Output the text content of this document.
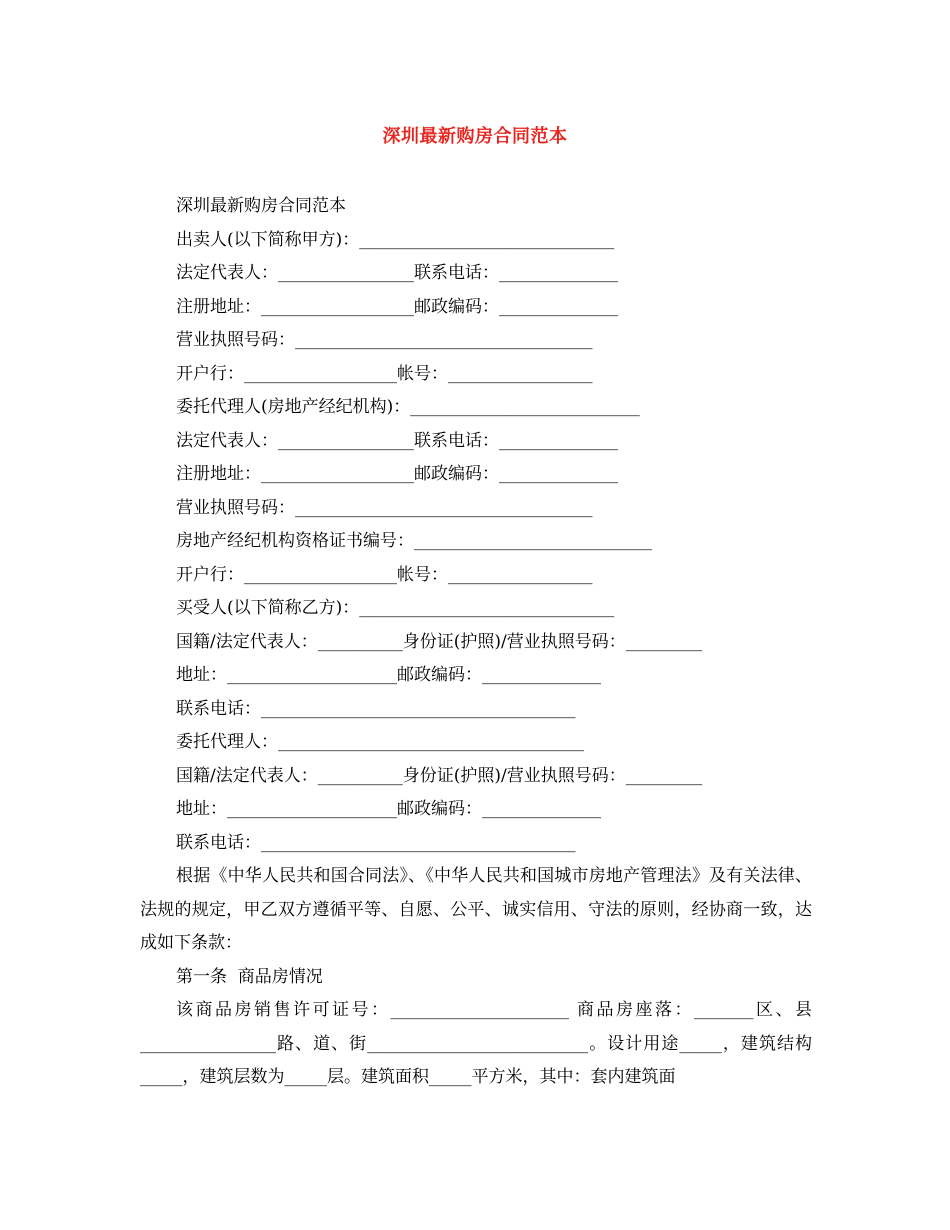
深圳最新购房合同范本
深圳最新购房合同范本
出卖人(以下简称甲方)：______________________________
法定代表人：________________联系电话：______________
注册地址：__________________邮政编码：______________
营业执照号码：___________________________________
开户行：__________________帐号：_________________
委托代理人(房地产经纪机构)：___________________________
法定代表人：________________联系电话：______________
注册地址：__________________邮政编码：______________
营业执照号码：___________________________________
房地产经纪机构资格证书编号：____________________________
开户行：__________________帐号：_________________
买受人(以下简称乙方)：______________________________
国籍/法定代表人：__________身份证(护照)/营业执照号码：_________
地址：____________________邮政编码：______________
联系电话：_____________________________________
委托代理人：____________________________________
国籍/法定代表人：__________身份证(护照)/营业执照号码：_________
地址：____________________邮政编码：______________
联系电话：_____________________________________
根据《中华人民共和国合同法》、《中华人民共和国城市房地产管理法》及有关法律、法规的规定，甲乙双方遵循平等、自愿、公平、诚实信用、守法的原则，经协商一致，达成如下条款：
第一条  商品房情况
该商品房销售许可证号：_____________________ 商品房座落：_______区、县________________路、道、街__________________________。设计用途_____，建筑结构_____，建筑层数为_____层。建筑面积_____平方米，其中：套内建筑面
